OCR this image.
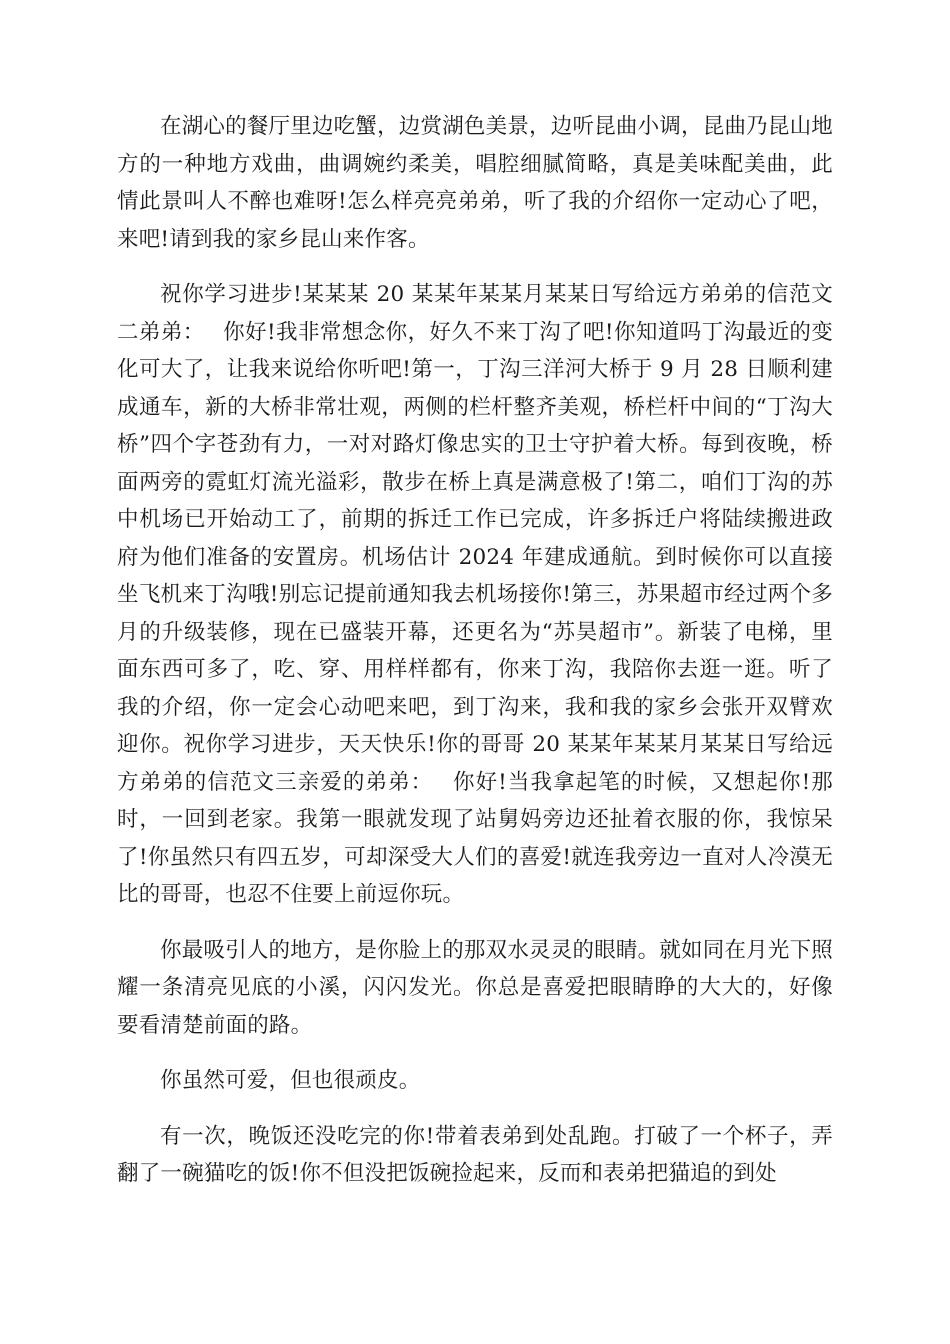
在湖心的餐厅里边吃蟹，边赏湖色美景，边听昆曲小调，昆曲乃昆山地方的一种地方戏曲，曲调婉约柔美，唱腔细腻简略，真是美味配美曲，此情此景叫人不醉也难呀!怎么样亮亮弟弟，听了我的介绍你一定动心了吧，来吧!请到我的家乡昆山来作客。

祝你学习进步!某某某 20 某某年某某月某某日写给远方弟弟的信范文二弟弟：　 你好!我非常想念你，好久不来丁沟了吧!你知道吗丁沟最近的变化可大了，让我来说给你听吧!第一，丁沟三洋河大桥于 9 月 28 日顺利建成通车，新的大桥非常壮观，两侧的栏杆整齐美观，桥栏杆中间的“丁沟大桥”四个字苍劲有力，一对对路灯像忠实的卫士守护着大桥。每到夜晚，桥面两旁的霓虹灯流光溢彩，散步在桥上真是满意极了!第二，咱们丁沟的苏中机场已开始动工了，前期的拆迁工作已完成，许多拆迁户将陆续搬进政府为他们准备的安置房。机场估计 2024 年建成通航。到时候你可以直接坐飞机来丁沟哦!别忘记提前通知我去机场接你!第三，苏果超市经过两个多月的升级装修，现在已盛装开幕，还更名为“苏昊超市”。新装了电梯，里面东西可多了，吃、穿、用样样都有，你来丁沟，我陪你去逛一逛。听了我的介绍，你一定会心动吧来吧，到丁沟来，我和我的家乡会张开双臂欢迎你。祝你学习进步，天天快乐!你的哥哥 20 某某年某某月某某日写给远方弟弟的信范文三亲爱的弟弟：　 你好!当我拿起笔的时候，又想起你!那时，一回到老家。我第一眼就发现了站舅妈旁边还扯着衣服的你，我惊呆了!你虽然只有四五岁，可却深受大人们的喜爱!就连我旁边一直对人冷漠无比的哥哥，也忍不住要上前逗你玩。

你最吸引人的地方，是你脸上的那双水灵灵的眼睛。就如同在月光下照耀一条清亮见底的小溪，闪闪发光。你总是喜爱把眼睛睁的大大的，好像要看清楚前面的路。

你虽然可爱，但也很顽皮。

有一次，晚饭还没吃完的你!带着表弟到处乱跑。打破了一个杯子，弄翻了一碗猫吃的饭!你不但没把饭碗捡起来，反而和表弟把猫追的到处
